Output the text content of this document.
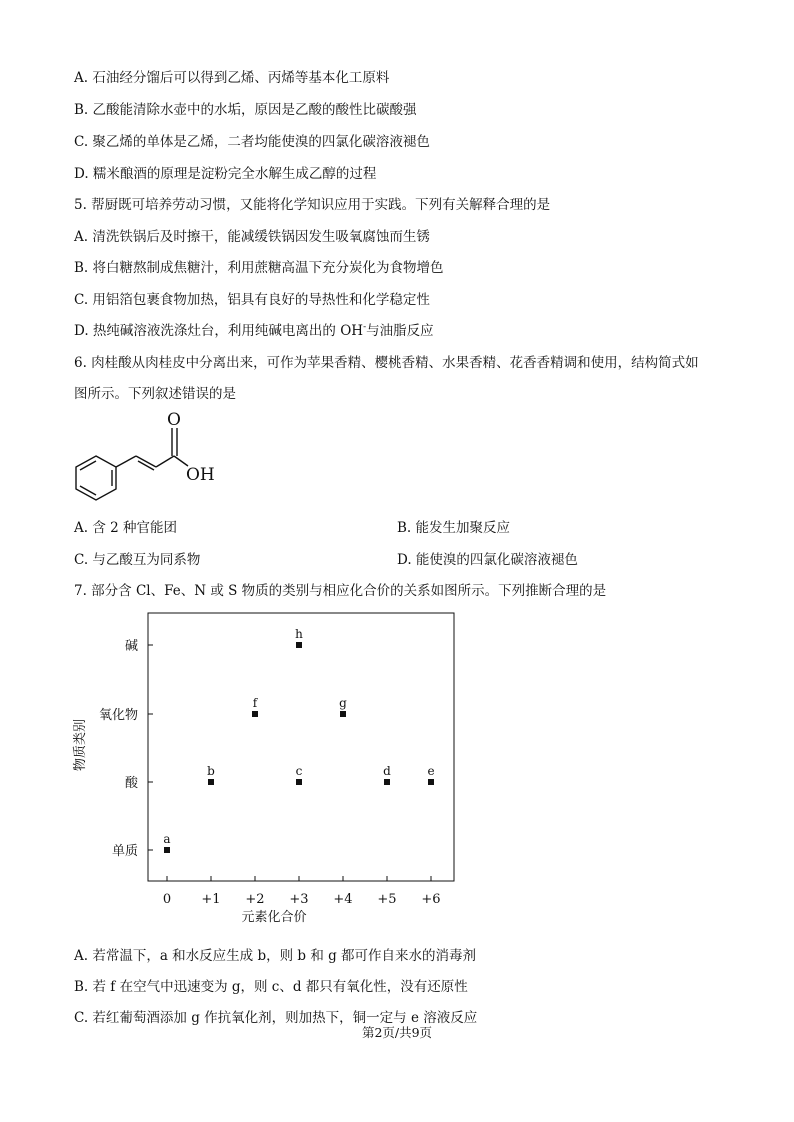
A. 石油经分馏后可以得到乙烯、丙烯等基本化工原料
B. 乙酸能清除水壶中的水垢，原因是乙酸的酸性比碳酸强
C. 聚乙烯的单体是乙烯，二者均能使溴的四氯化碳溶液褪色
D. 糯米酿酒的原理是淀粉完全水解生成乙醇的过程
5. 帮厨既可培养劳动习惯，又能将化学知识应用于实践。下列有关解释合理的是
A. 清洗铁锅后及时擦干，能减缓铁锅因发生吸氧腐蚀而生锈
B. 将白糖熬制成焦糖汁，利用蔗糖高温下充分炭化为食物增色
C. 用铝箔包裹食物加热，铝具有良好的导热性和化学稳定性
D. 热纯碱溶液洗涤灶台，利用纯碱电离出的 OH-与油脂反应
6. 肉桂酸从肉桂皮中分离出来，可作为苹果香精、樱桃香精、水果香精、花香香精调和使用，结构简式如
图所示。下列叙述错误的是
O
OH
A. 含 2 种官能团	B. 能发生加聚反应
C. 与乙酸互为同系物	D. 能使溴的四氯化碳溶液褪色
7. 部分含 Cl、Fe、N 或 S 物质的类别与相应化合价的关系如图所示。下列推断合理的是
0 +1 +2 +3 +4 +5 +6
单质
酸
氧化物
碱
a
b	c	d	e
f	g
h
元素化合价
物质类别
A. 若常温下，a 和水反应生成 b，则 b 和 g 都可作自来水的消毒剂
B. 若 f 在空气中迅速变为 g，则 c、d 都只有氧化性，没有还原性
C. 若红葡萄酒添加 g 作抗氧化剂，则加热下，铜一定与 e 溶液反应
第2页/共9页
